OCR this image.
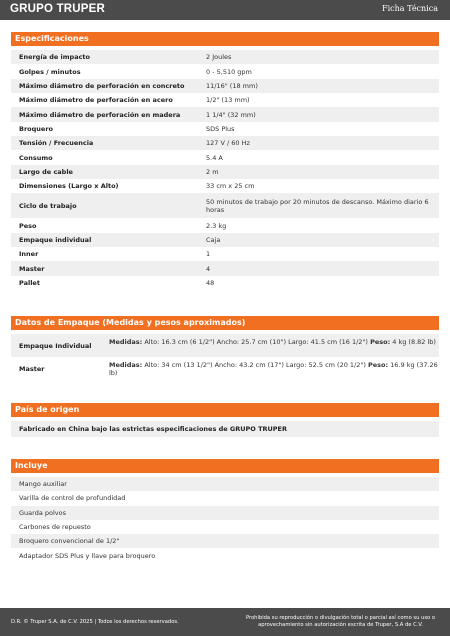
GRUPO TRUPER	Ficha Técnica
Especificaciones
Energía de impacto	2 Joules
Golpes / minutos	0 - 5,510 gpm
Máximo diámetro de perforación en concreto	11/16" (18 mm)
Máximo diámetro de perforación en acero	1/2" (13 mm)
Máximo diámetro de perforación en madera	1 1/4" (32 mm)
Broquero	SDS Plus
Tensión / Frecuencia	127 V / 60 Hz
Consumo	5.4 A
Largo de cable	2 m
Dimensiones (Largo x Alto)	33 cm x 25 cm
Ciclo de trabajo	50 minutos de trabajo por 20 minutos de descanso. Máximo diario 6 horas
Peso	2.3 kg
Empaque individual	Caja
Inner	1
Master	4
Pallet	48
Datos de Empaque (Medidas y pesos aproximados)
Empaque Individual	Medidas: Alto: 16.3 cm (6 1/2") Ancho: 25.7 cm (10") Largo: 41.5 cm (16 1/2") Peso: 4 kg (8.82 lb)
Master	Medidas: Alto: 34 cm (13 1/2") Ancho: 43.2 cm (17") Largo: 52.5 cm (20 1/2") Peso: 16.9 kg (37.26 lb)
País de origen
Fabricado en China bajo las estrictas especificaciones de GRUPO TRUPER
Incluye
Mango auxiliar
Varilla de control de profundidad
Guarda polvos
Carbones de repuesto
Broquero convencional de 1/2"
Adaptador SDS Plus y llave para broquero
D.R. © Truper S.A. de C.V. 2025 | Todos los derechos reservados.
Prohibida su reproducción o divulgación total o parcial así como su uso o aprovechamiento sin autorización escrita de Truper, S.A de C.V.
